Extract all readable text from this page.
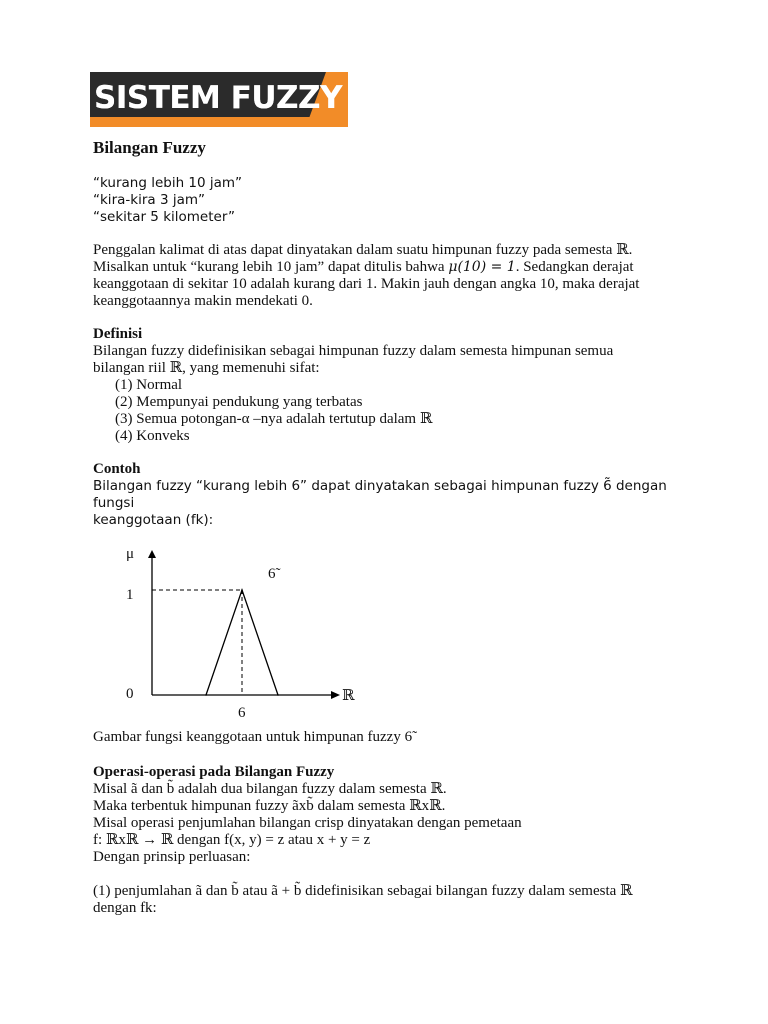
SISTEM FUZZY
Bilangan Fuzzy
“kurang lebih 10 jam”
“kira-kira 3 jam”
“sekitar 5 kilometer”
Penggalan kalimat di atas dapat dinyatakan dalam suatu himpunan fuzzy pada semesta ℝ.
Misalkan untuk “kurang lebih 10 jam” dapat ditulis bahwa μ(10) = 1. Sedangkan derajat
keanggotaan di sekitar 10 adalah kurang dari 1. Makin jauh dengan angka 10, maka derajat
keanggotaannya makin mendekati 0.
Definisi
Bilangan fuzzy didefinisikan sebagai himpunan fuzzy dalam semesta himpunan semua
bilangan riil ℝ, yang memenuhi sifat:
(1) Normal
(2) Mempunyai pendukung yang terbatas
(3) Semua potongan-α –nya adalah tertutup dalam ℝ
(4) Konveks
Contoh
Bilangan fuzzy “kurang lebih 6” dapat dinyatakan sebagai himpunan fuzzy 6̃ dengan fungsi
keanggotaan (fk):
μ
ℝ
6̃
1
0
6
Gambar fungsi keanggotaan untuk himpunan fuzzy 6̃
Operasi-operasi pada Bilangan Fuzzy
Misal ã dan b̃ adalah dua bilangan fuzzy dalam semesta ℝ.
Maka terbentuk himpunan fuzzy ãxb̃ dalam semesta ℝxℝ.
Misal operasi penjumlahan bilangan crisp dinyatakan dengan pemetaan
f: ℝxℝ → ℝ dengan f(x, y) = z atau x + y = z
Dengan prinsip perluasan:
(1) penjumlahan ã dan b̃ atau ã + b̃ didefinisikan sebagai bilangan fuzzy dalam semesta ℝ
dengan fk:
